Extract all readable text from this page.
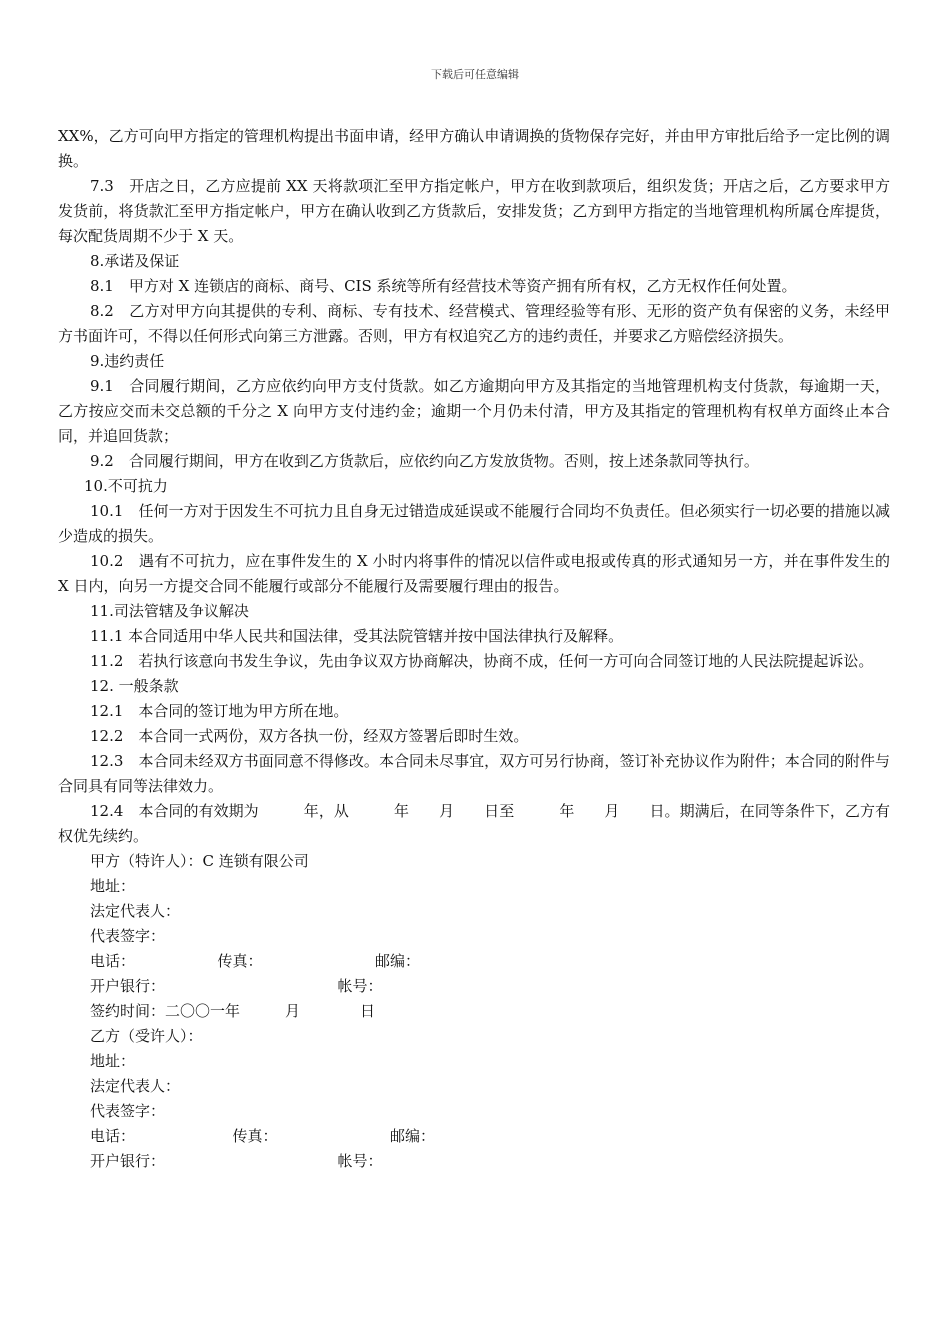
下载后可任意编辑

XX%，乙方可向甲方指定的管理机构提出书面申请，经甲方确认申请调换的货物保存完好，并由甲方审批后给予一定比例的调换。

7.3　开店之日，乙方应提前 XX 天将款项汇至甲方指定帐户，甲方在收到款项后，组织发货；开店之后，乙方要求甲方发货前，将货款汇至甲方指定帐户，甲方在确认收到乙方货款后，安排发货；乙方到甲方指定的当地管理机构所属仓库提货，每次配货周期不少于 X 天。

8.承诺及保证

8.1　甲方对 X 连锁店的商标、商号、CIS 系统等所有经营技术等资产拥有所有权，乙方无权作任何处置。

8.2　乙方对甲方向其提供的专利、商标、专有技术、经营模式、管理经验等有形、无形的资产负有保密的义务，未经甲方书面许可，不得以任何形式向第三方泄露。否则，甲方有权追究乙方的违约责任，并要求乙方赔偿经济损失。

9.违约责任

9.1　合同履行期间，乙方应依约向甲方支付货款。如乙方逾期向甲方及其指定的当地管理机构支付货款，每逾期一天，乙方按应交而未交总额的千分之 X 向甲方支付违约金；逾期一个月仍未付清，甲方及其指定的管理机构有权单方面终止本合同，并追回货款；

9.2　合同履行期间，甲方在收到乙方货款后，应依约向乙方发放货物。否则，按上述条款同等执行。

10.不可抗力

10.1　任何一方对于因发生不可抗力且自身无过错造成延误或不能履行合同均不负责任。但必须实行一切必要的措施以减少造成的损失。

10.2　遇有不可抗力，应在事件发生的 X 小时内将事件的情况以信件或电报或传真的形式通知另一方，并在事件发生的 X 日内，向另一方提交合同不能履行或部分不能履行及需要履行理由的报告。

11.司法管辖及争议解决

11.1 本合同适用中华人民共和国法律，受其法院管辖并按中国法律执行及解释。

11.2　若执行该意向书发生争议，先由争议双方协商解决，协商不成，任何一方可向合同签订地的人民法院提起诉讼。

12. 一般条款

12.1　本合同的签订地为甲方所在地。

12.2　本合同一式两份，双方各执一份，经双方签署后即时生效。

12.3　本合同未经双方书面同意不得修改。本合同未尽事宜，双方可另行协商，签订补充协议作为附件；本合同的附件与合同具有同等法律效力。

12.4　本合同的有效期为　　　年，从　　　年　　月　　日至　　　年　　月　　日。期满后，在同等条件下，乙方有权优先续约。

甲方（特许人）：C 连锁有限公司

地址：

法定代表人：

代表签字：

电话：　　　　　　传真：　　　　　　　　邮编：

开户银行：　　　　　　　　　　　　帐号：

签约时间：二〇〇一年　　　月　　　　日

乙方（受许人）：

地址：

法定代表人：

代表签字：

电话：　　　　　　　传真：　　　　　　　　邮编：

开户银行：　　　　　　　　　　　　帐号：
